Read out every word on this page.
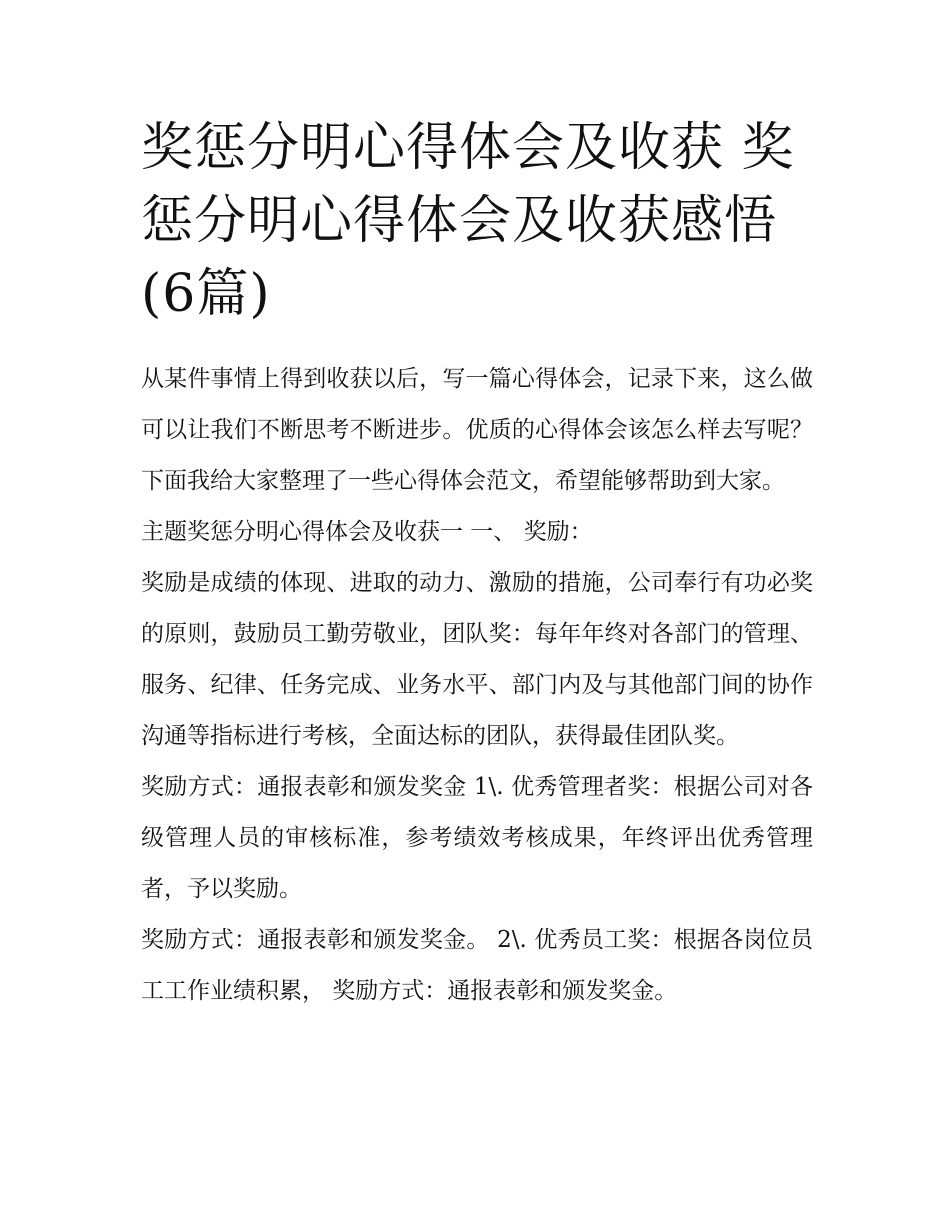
奖惩分明心得体会及收获 奖惩分明心得体会及收获感悟(6篇)

从某件事情上得到收获以后，写一篇心得体会，记录下来，这么做可以让我们不断思考不断进步。优质的心得体会该怎么样去写呢？下面我给大家整理了一些心得体会范文，希望能够帮助到大家。

主题奖惩分明心得体会及收获一 一、 奖励：

奖励是成绩的体现、进取的动力、激励的措施，公司奉行有功必奖的原则，鼓励员工勤劳敬业，团队奖：每年年终对各部门的管理、服务、纪律、任务完成、业务水平、部门内及与其他部门间的协作沟通等指标进行考核，全面达标的团队，获得最佳团队奖。

奖励方式：通报表彰和颁发奖金 1\. 优秀管理者奖：根据公司对各级管理人员的审核标准，参考绩效考核成果，年终评出优秀管理者，予以奖励。

奖励方式：通报表彰和颁发奖金。 2\. 优秀员工奖：根据各岗位员工工作业绩积累， 奖励方式：通报表彰和颁发奖金。
